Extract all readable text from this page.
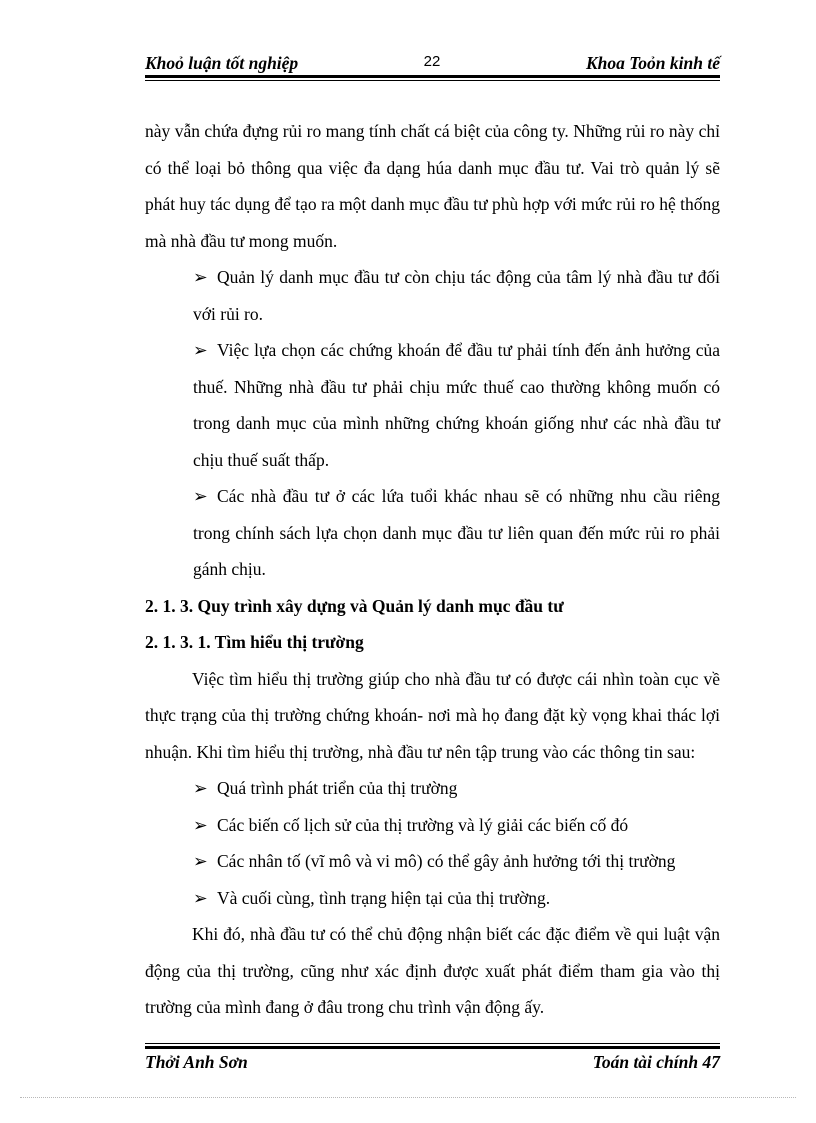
Khoỏ luận tốt nghiệp	22	Khoa Toỏn kinh tế

này vẫn chứa đựng rủi ro mang tính chất cá biệt của công ty. Những rủi ro này chỉ có thể loại bỏ thông qua việc đa dạng húa danh mục đầu tư. Vai trò quản lý sẽ phát huy tác dụng để tạo ra một danh mục đầu tư phù hợp với mức rủi ro hệ thống mà nhà đầu tư mong muốn.

➢ Quản lý danh mục đầu tư còn chịu tác động của tâm lý nhà đầu tư đối với rủi ro.

➢ Việc lựa chọn các chứng khoán để đầu tư phải tính đến ảnh hưởng của thuế. Những nhà đầu tư phải chịu mức thuế cao thường không muốn có trong danh mục của mình những chứng khoán giống như các nhà đầu tư chịu thuế suất thấp.

➢ Các nhà đầu tư ở các lứa tuổi khác nhau sẽ có những nhu cầu riêng trong chính sách lựa chọn danh mục đầu tư liên quan đến mức rủi ro phải gánh chịu.

2. 1. 3. Quy trình xây dựng và Quản lý danh mục đầu tư

2. 1. 3. 1. Tìm hiểu thị trường

Việc tìm hiểu thị trường giúp cho nhà đầu tư có được cái nhìn toàn cục về thực trạng của thị trường chứng khoán- nơi mà họ đang đặt kỳ vọng khai thác lợi nhuận. Khi tìm hiểu thị trường, nhà đầu tư nên tập trung vào các thông tin sau:

➢ Quá trình phát triển của thị trường
➢ Các biến cố lịch sử của thị trường và lý giải các biến cố đó
➢ Các nhân tố (vĩ mô và vi mô) có thể gây ảnh hưởng tới thị trường
➢ Và cuối cùng, tình trạng hiện tại của thị trường.

Khi đó, nhà đầu tư có thể chủ động nhận biết các đặc điểm về qui luật vận động của thị trường, cũng như xác định được xuất phát điểm tham gia vào thị trường của mình đang ở đâu trong chu trình vận động ấy.

Thởi Anh Sơn	Toán tài chính 47
